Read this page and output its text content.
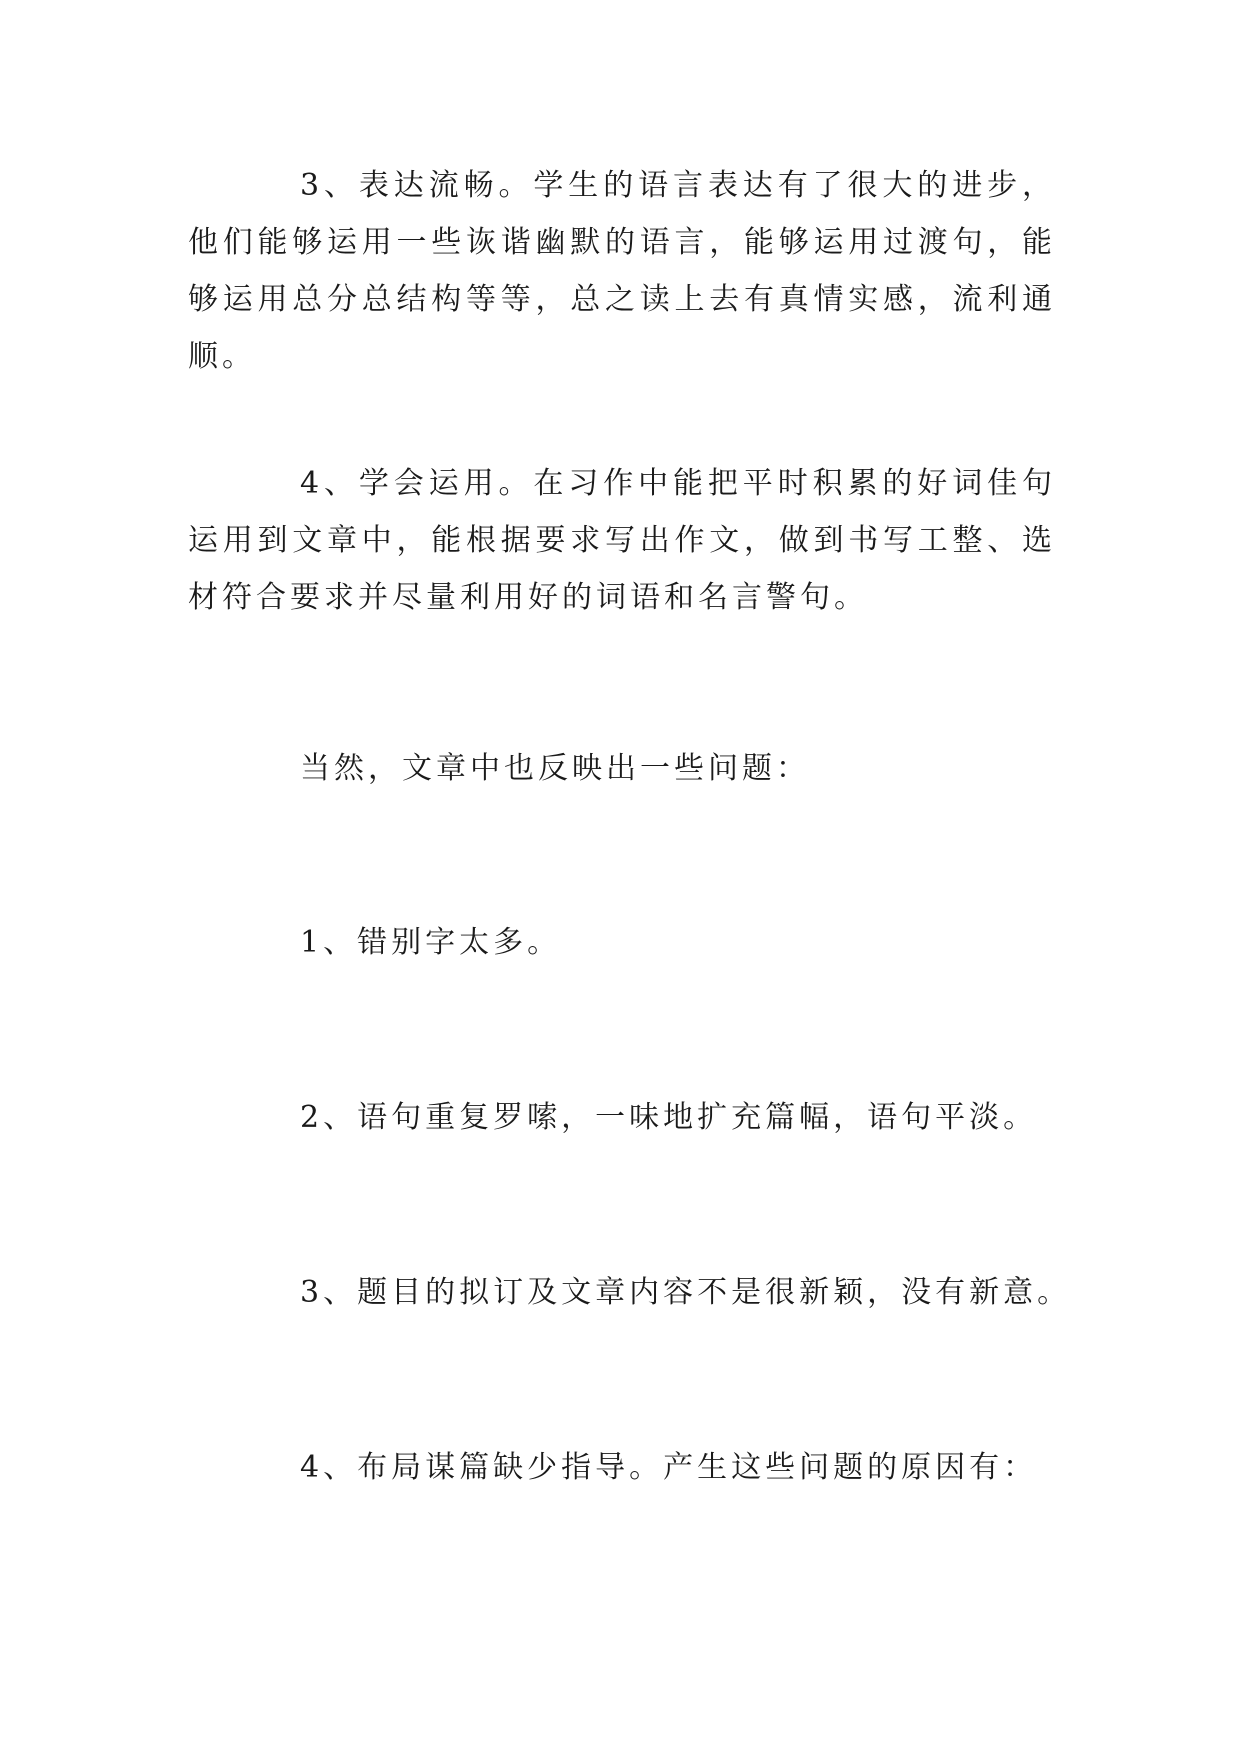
3、表达流畅。学生的语言表达有了很大的进步，他们能够运用一些诙谐幽默的语言，能够运用过渡句，能够运用总分总结构等等，总之读上去有真情实感，流利通顺。

4、学会运用。在习作中能把平时积累的好词佳句运用到文章中，能根据要求写出作文，做到书写工整、选材符合要求并尽量利用好的词语和名言警句。

当然，文章中也反映出一些问题：

1、错别字太多。

2、语句重复罗嗦，一味地扩充篇幅，语句平淡。

3、题目的拟订及文章内容不是很新颖，没有新意。

4、布局谋篇缺少指导。产生这些问题的原因有：
